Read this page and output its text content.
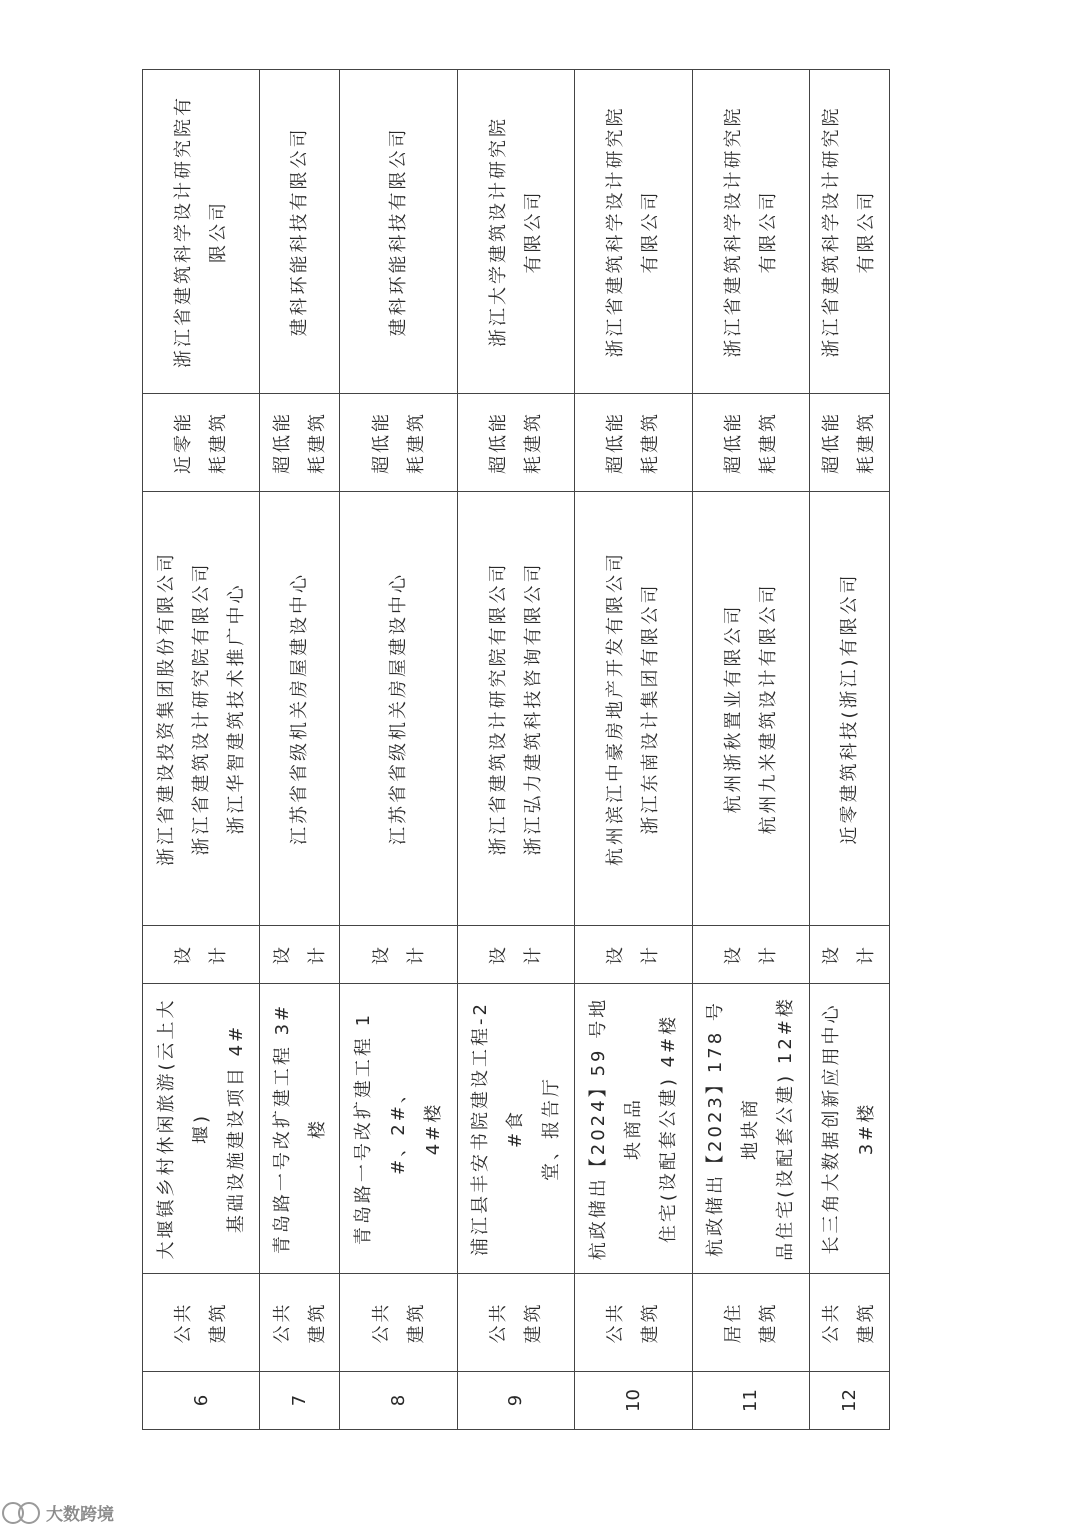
6	公共 建筑	大堰镇乡村休闲旅游(云上大堰) 基础设施建设项目 4#	设计	浙江省建设投资集团股份有限公司 浙江省建筑设计研究院有限公司 浙江华智建筑技术推广中心	近零能 耗建筑	浙江省建筑科学设计研究院有 限公司

7	公共 建筑	青岛路一号改扩建工程 3#楼	设计	江苏省省级机关房屋建设中心	超低能 耗建筑	建科环能科技有限公司

8	公共 建筑	青岛路一号改扩建工程 1#、2#、 4#楼	设计	江苏省省级机关房屋建设中心	超低能 耗建筑	建科环能科技有限公司

9	公共 建筑	浦江县丰安书院建设工程-2#食 堂、报告厅	设计	浙江省建筑设计研究院有限公司 浙江弘力建筑科技咨询有限公司	超低能 耗建筑	浙江大学建筑设计研究院 有限公司

10	公共 建筑	杭政储出【2024】59 号地块商品 住宅(设配套公建) 4#楼	设计	杭州滨江中豪房地产开发有限公司 浙江东南设计集团有限公司	超低能 耗建筑	浙江省建筑科学设计研究院 有限公司

11	居住 建筑	杭政储出【2023】178 号地块商 品住宅(设配套公建) 12#楼	设计	杭州浙秋置业有限公司 杭州九米建筑设计有限公司	超低能 耗建筑	浙江省建筑科学设计研究院 有限公司

12	公共 建筑	长三角大数据创新应用中心 3#楼	设计	近零建筑科技(浙江)有限公司	超低能 耗建筑	浙江省建筑科学设计研究院 有限公司
大数跨境
